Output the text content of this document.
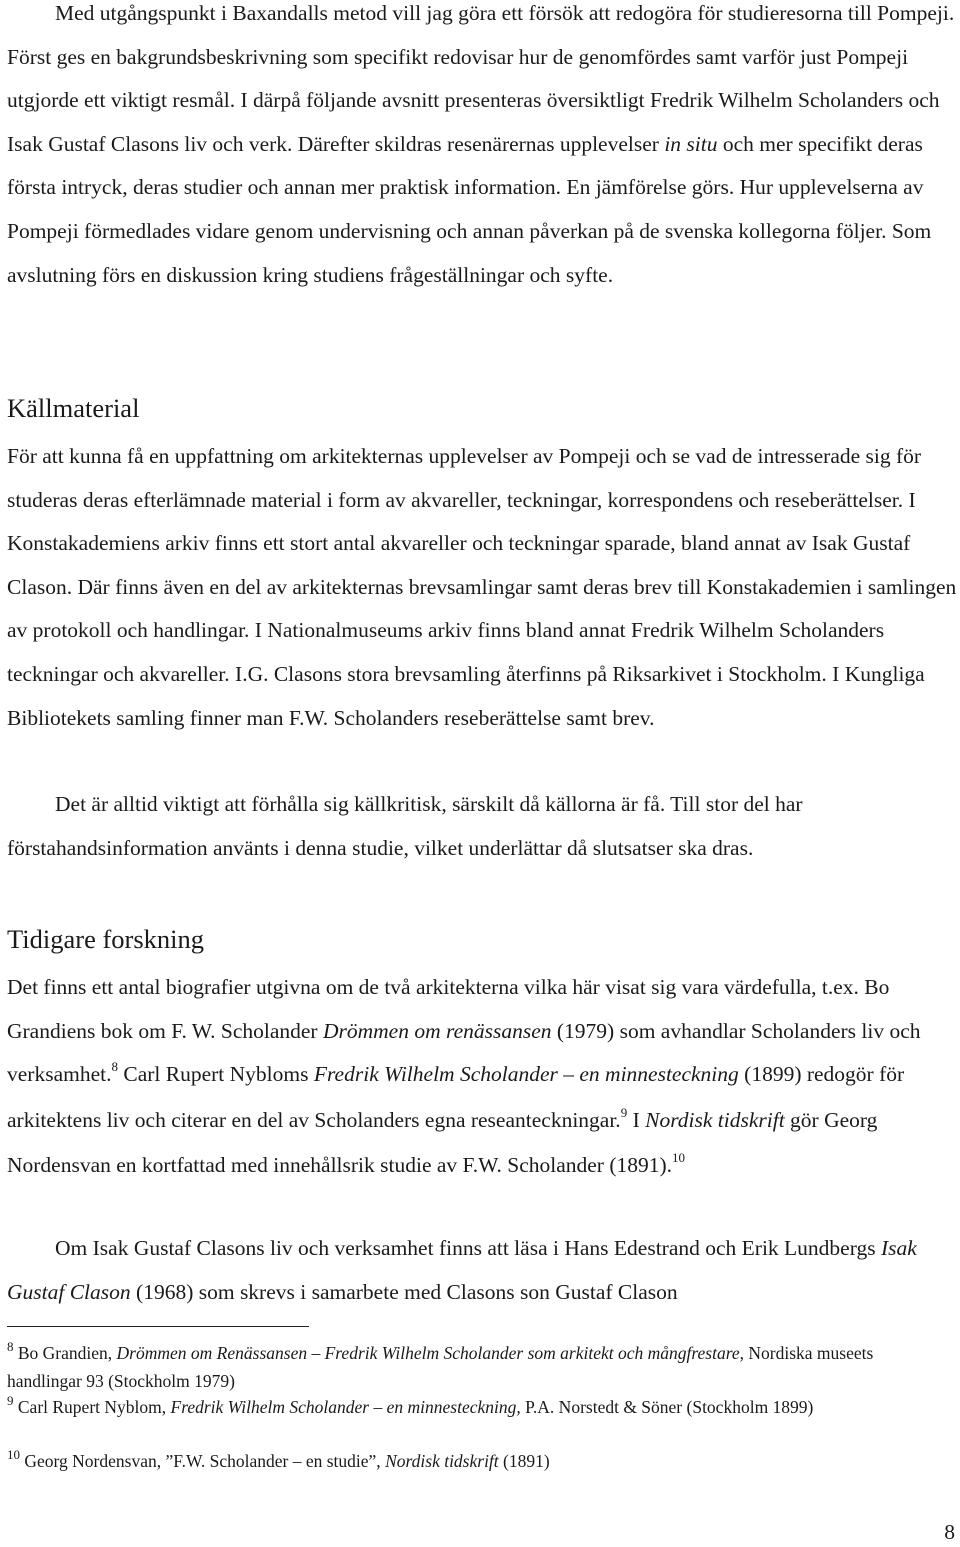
Med utgångspunkt i Baxandalls metod vill jag göra ett försök att redogöra för studieresorna till Pompeji. Först ges en bakgrundsbeskrivning som specifikt redovisar hur de genomfördes samt varför just Pompeji utgjorde ett viktigt resmål. I därpå följande avsnitt presenteras översiktligt Fredrik Wilhelm Scholanders och Isak Gustaf Clasons liv och verk. Därefter skildras resenärernas upplevelser in situ och mer specifikt deras första intryck, deras studier och annan mer praktisk information. En jämförelse görs. Hur upplevelserna av Pompeji förmedlades vidare genom undervisning och annan påverkan på de svenska kollegorna följer. Som avslutning förs en diskussion kring studiens frågeställningar och syfte.

Källmaterial

För att kunna få en uppfattning om arkitekternas upplevelser av Pompeji och se vad de intresserade sig för studeras deras efterlämnade material i form av akvareller, teckningar, korrespondens och reseberättelser. I Konstakademiens arkiv finns ett stort antal akvareller och teckningar sparade, bland annat av Isak Gustaf Clason. Där finns även en del av arkitekternas brevsamlingar samt deras brev till Konstakademien i samlingen av protokoll och handlingar. I Nationalmuseums arkiv finns bland annat Fredrik Wilhelm Scholanders teckningar och akvareller. I.G. Clasons stora brevsamling återfinns på Riksarkivet i Stockholm. I Kungliga Bibliotekets samling finner man F.W. Scholanders reseberättelse samt brev.

Det är alltid viktigt att förhålla sig källkritisk, särskilt då källorna är få. Till stor del har förstahandsinformation använts i denna studie, vilket underlättar då slutsatser ska dras.

Tidigare forskning

Det finns ett antal biografier utgivna om de två arkitekterna vilka här visat sig vara värdefulla, t.ex. Bo Grandiens bok om F. W. Scholander Drömmen om renässansen (1979) som avhandlar Scholanders liv och verksamhet.$^8$ Carl Rupert Nybloms Fredrik Wilhelm Scholander – en minnesteckning (1899) redogör för arkitektens liv och citerar en del av Scholanders egna reseanteckningar.$^9$ I Nordisk tidskrift gör Georg Nordensvan en kortfattad med innehållsrik studie av F.W. Scholander (1891).$^{10}$

Om Isak Gustaf Clasons liv och verksamhet finns att läsa i Hans Edestrand och Erik Lundbergs Isak Gustaf Clason (1968) som skrevs i samarbete med Clasons son Gustaf Clason

$^8$ Bo Grandien, Drömmen om Renässansen – Fredrik Wilhelm Scholander som arkitekt och mångfrestare, Nordiska museets handlingar 93 (Stockholm 1979)

$^9$ Carl Rupert Nyblom, Fredrik Wilhelm Scholander – en minnesteckning, P.A. Norstedt & Söner (Stockholm 1899)

$^{10}$ Georg Nordensvan, ”F.W. Scholander – en studie”, Nordisk tidskrift (1891)

8
